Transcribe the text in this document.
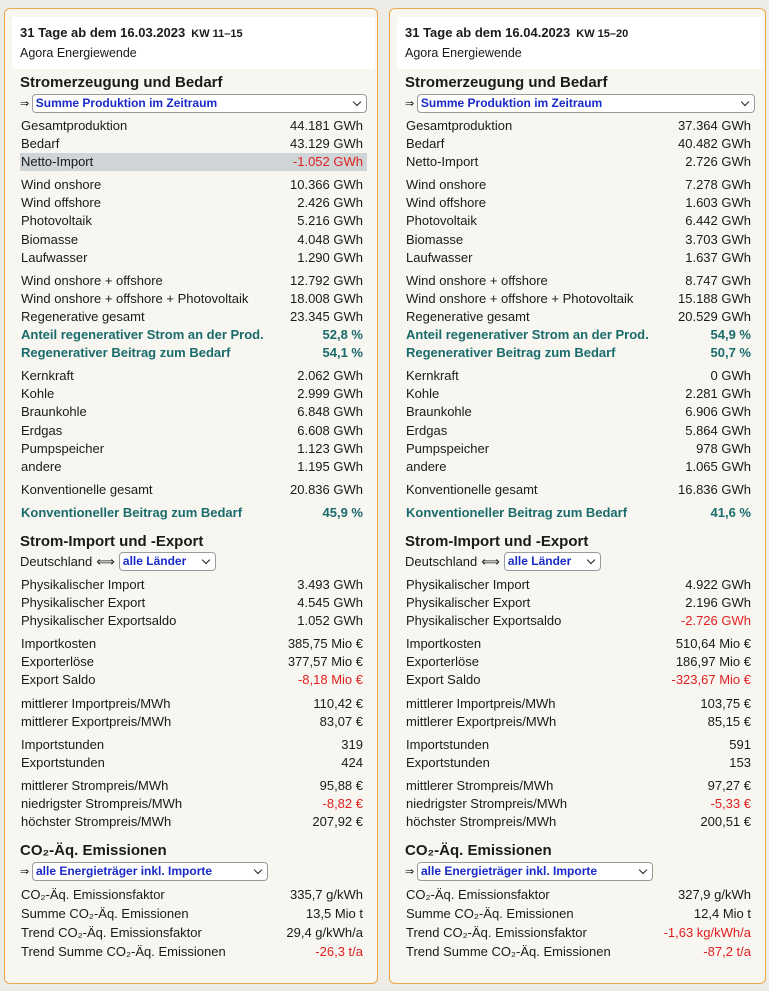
31 Tage ab dem 16.03.2023 KW 11–15
Agora Energiewende
Stromerzeugung und Bedarf
⇒ Summe Produktion im Zeitraum
Gesamtproduktion	44.181 GWh
Bedarf	43.129 GWh
Netto-Import	-1.052 GWh
Wind onshore	10.366 GWh
Wind offshore	2.426 GWh
Photovoltaik	5.216 GWh
Biomasse	4.048 GWh
Laufwasser	1.290 GWh
Wind onshore + offshore	12.792 GWh
Wind onshore + offshore + Photovoltaik	18.008 GWh
Regenerative gesamt	23.345 GWh
Anteil regenerativer Strom an der Prod.	52,8 %
Regenerativer Beitrag zum Bedarf	54,1 %
Kernkraft	2.062 GWh
Kohle	2.999 GWh
Braunkohle	6.848 GWh
Erdgas	6.608 GWh
Pumpspeicher	1.123 GWh
andere	1.195 GWh
Konventionelle gesamt	20.836 GWh
Konventioneller Beitrag zum Bedarf	45,9 %
Strom-Import und -Export
Deutschland ⟺ alle Länder
Physikalischer Import	3.493 GWh
Physikalischer Export	4.545 GWh
Physikalischer Exportsaldo	1.052 GWh
Importkosten	385,75 Mio €
Exporterlöse	377,57 Mio €
Export Saldo	-8,18 Mio €
mittlerer Importpreis/MWh	110,42 €
mittlerer Exportpreis/MWh	83,07 €
Importstunden	319
Exportstunden	424
mittlerer Strompreis/MWh	95,88 €
niedrigster Strompreis/MWh	-8,82 €
höchster Strompreis/MWh	207,92 €
CO₂-Äq. Emissionen
⇒ alle Energieträger inkl. Importe
CO₂-Äq. Emissionsfaktor	335,7 g/kWh
Summe CO₂-Äq. Emissionen	13,5 Mio t
Trend CO₂-Äq. Emissionsfaktor	29,4 g/kWh/a
Trend Summe CO₂-Äq. Emissionen	-26,3 t/a
31 Tage ab dem 16.04.2023 KW 15–20
Agora Energiewende
Stromerzeugung und Bedarf
⇒ Summe Produktion im Zeitraum
Gesamtproduktion	37.364 GWh
Bedarf	40.482 GWh
Netto-Import	2.726 GWh
Wind onshore	7.278 GWh
Wind offshore	1.603 GWh
Photovoltaik	6.442 GWh
Biomasse	3.703 GWh
Laufwasser	1.637 GWh
Wind onshore + offshore	8.747 GWh
Wind onshore + offshore + Photovoltaik	15.188 GWh
Regenerative gesamt	20.529 GWh
Anteil regenerativer Strom an der Prod.	54,9 %
Regenerativer Beitrag zum Bedarf	50,7 %
Kernkraft	0 GWh
Kohle	2.281 GWh
Braunkohle	6.906 GWh
Erdgas	5.864 GWh
Pumpspeicher	978 GWh
andere	1.065 GWh
Konventionelle gesamt	16.836 GWh
Konventioneller Beitrag zum Bedarf	41,6 %
Strom-Import und -Export
Deutschland ⟺ alle Länder
Physikalischer Import	4.922 GWh
Physikalischer Export	2.196 GWh
Physikalischer Exportsaldo	-2.726 GWh
Importkosten	510,64 Mio €
Exporterlöse	186,97 Mio €
Export Saldo	-323,67 Mio €
mittlerer Importpreis/MWh	103,75 €
mittlerer Exportpreis/MWh	85,15 €
Importstunden	591
Exportstunden	153
mittlerer Strompreis/MWh	97,27 €
niedrigster Strompreis/MWh	-5,33 €
höchster Strompreis/MWh	200,51 €
CO₂-Äq. Emissionen
⇒ alle Energieträger inkl. Importe
CO₂-Äq. Emissionsfaktor	327,9 g/kWh
Summe CO₂-Äq. Emissionen	12,4 Mio t
Trend CO₂-Äq. Emissionsfaktor	-1,63 kg/kWh/a
Trend Summe CO₂-Äq. Emissionen	-87,2 t/a
